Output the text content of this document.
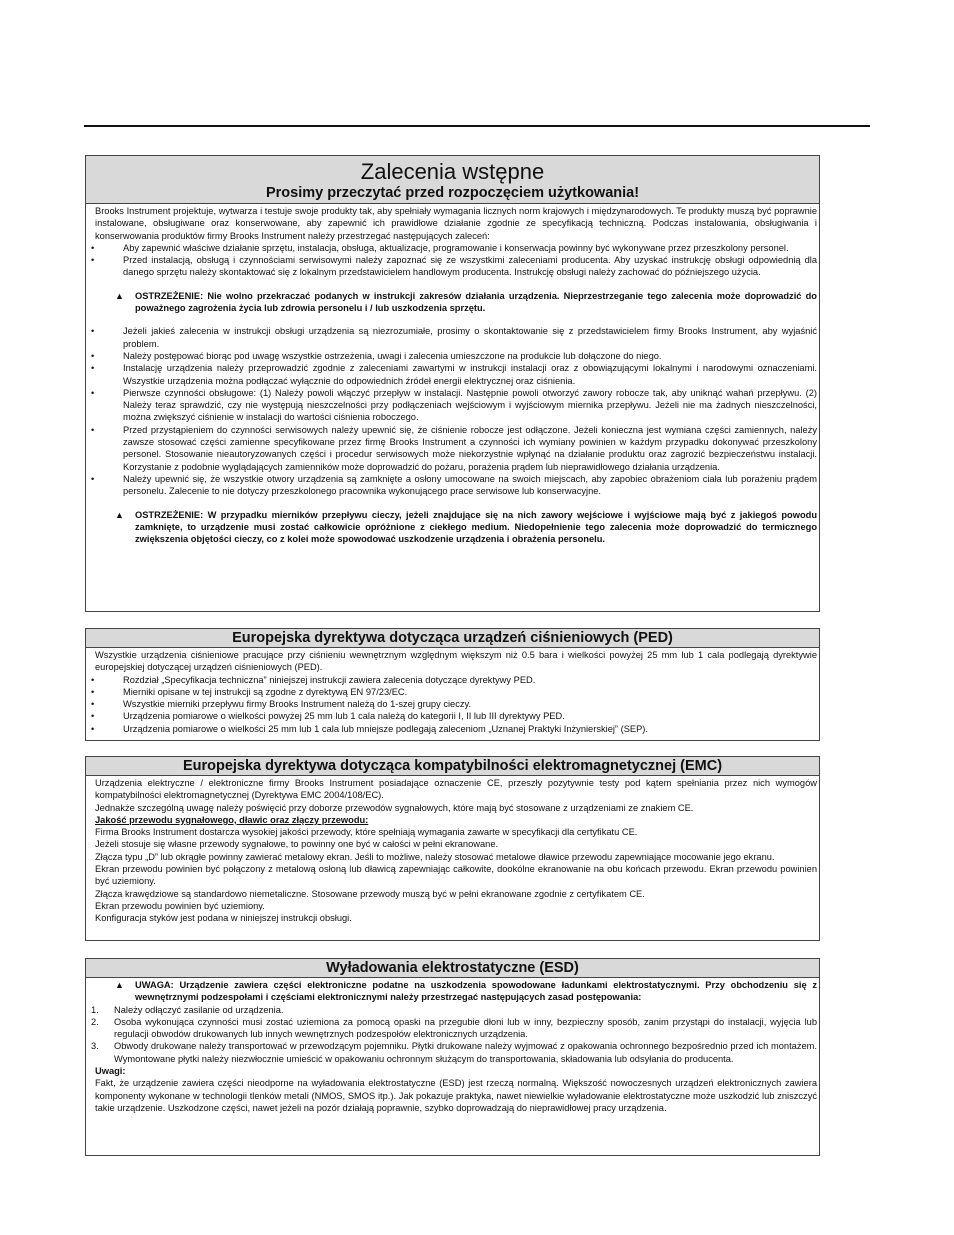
Zalecenia wstępne
Prosimy przeczytać przed rozpoczęciem użytkowania!

Brooks Instrument projektuje, wytwarza i testuje swoje produkty tak, aby spełniały wymagania licznych norm krajowych i międzynarodowych. Te produkty muszą być poprawnie instalowane, obsługiwane oraz konserwowane, aby zapewnić ich prawidłowe działanie zgodnie ze specyfikacją techniczną. Podczas instalowania, obsługiwania i konserwowania produktów firmy Brooks Instrument należy przestrzegać następujących zaleceń:

• Aby zapewnić właściwe działanie sprzętu, instalacja, obsługa, aktualizacje, programowanie i konserwacja powinny być wykonywane przez przeszkolony personel.
• Przed instalacją, obsługą i czynnościami serwisowymi należy zapoznać się ze wszystkimi zaleceniami producenta. Aby uzyskać instrukcję obsługi odpowiednią dla danego sprzętu należy skontaktować się z lokalnym przedstawicielem handlowym producenta. Instrukcję obsługi należy zachować do późniejszego użycia.

▲ OSTRZEŻENIE: Nie wolno przekraczać podanych w instrukcji zakresów działania urządzenia. Nieprzestrzeganie tego zalecenia może doprowadzić do poważnego zagrożenia życia lub zdrowia personelu i / lub uszkodzenia sprzętu.

• Jeżeli jakieś zalecenia w instrukcji obsługi urządzenia są niezrozumiałe, prosimy o skontaktowanie się z przedstawicielem firmy Brooks Instrument, aby wyjaśnić problem.
• Należy postępować biorąc pod uwagę wszystkie ostrzeżenia, uwagi i zalecenia umieszczone na produkcie lub dołączone do niego.
• Instalację urządzenia należy przeprowadzić zgodnie z zaleceniami zawartymi w instrukcji instalacji oraz z obowiązującymi lokalnymi i narodowymi oznaczeniami. Wszystkie urządzenia można podłączać wyłącznie do odpowiednich źródeł energii elektrycznej oraz ciśnienia.
• Pierwsze czynności obsługowe: (1) Należy powoli włączyć przepływ w instalacji. Następnie powoli otworzyć zawory robocze tak, aby uniknąć wahań przepływu. (2) Należy teraz sprawdzić, czy nie występują nieszczelności przy podłączeniach wejściowym i wyjściowym miernika przepływu. Jeżeli nie ma żadnych nieszczelności, można zwiększyć ciśnienie w instalacji do wartości ciśnienia roboczego.
• Przed przystąpieniem do czynności serwisowych należy upewnić się, że ciśnienie robocze jest odłączone. Jeżeli konieczna jest wymiana części zamiennych, należy zawsze stosować części zamienne specyfikowane przez firmę Brooks Instrument a czynności ich wymiany powinien w każdym przypadku dokonywać przeszkolony personel. Stosowanie nieautoryzowanych części i procedur serwisowych może niekorzystnie wpłynąć na działanie produktu oraz zagrozić bezpieczeństwu instalacji. Korzystanie z podobnie wyglądających zamienników może doprowadzić do pożaru, porażenia prądem lub nieprawidłowego działania urządzenia.
• Należy upewnić się, że wszystkie otwory urządzenia są zamknięte a osłony umocowane na swoich miejscach, aby zapobiec obrażeniom ciała lub porażeniu prądem personelu. Zalecenie to nie dotyczy przeszkolonego pracownika wykonującego prace serwisowe lub konserwacyjne.

▲ OSTRZEŻENIE: W przypadku mierników przepływu cieczy, jeżeli znajdujące się na nich zawory wejściowe i wyjściowe mają być z jakiegoś powodu zamknięte, to urządzenie musi zostać całkowicie opróżnione z ciekłego medium. Niedopełnienie tego zalecenia może doprowadzić do termicznego zwiększenia objętości cieczy, co z kolei może spowodować uszkodzenie urządzenia i obrażenia personelu.

Europejska dyrektywa dotycząca urządzeń ciśnieniowych (PED)

Wszystkie urządzenia ciśnieniowe pracujące przy ciśnieniu wewnętrznym względnym większym niż 0.5 bara i wielkości powyżej 25 mm lub 1 cala podlegają dyrektywie europejskiej dotyczącej urządzeń ciśnieniowych (PED).

• Rozdział „Specyfikacja techniczna” niniejszej instrukcji zawiera zalecenia dotyczące dyrektywy PED.
• Mierniki opisane w tej instrukcji są zgodne z dyrektywą EN 97/23/EC.
• Wszystkie mierniki przepływu firmy Brooks Instrument należą do 1-szej grupy cieczy.
• Urządzenia pomiarowe o wielkości powyżej 25 mm lub 1 cala należą do kategorii I, II lub III dyrektywy PED.
• Urządzenia pomiarowe o wielkości 25 mm lub 1 cala lub mniejsze podlegają zaleceniom „Uznanej Praktyki Inżynierskiej” (SEP).
Europejska dyrektywa dotycząca kompatybilności elektromagnetycznej (EMC)

Urządzenia elektryczne / elektroniczne firmy Brooks Instrument posiadające oznaczenie CE, przeszły pozytywnie testy pod kątem spełniania przez nich wymogów kompatybilności elektromagnetycznej (Dyrektywa EMC 2004/108/EC).

Jednakże szczególną uwagę należy poświęcić przy doborze przewodów sygnałowych, które mają być stosowane z urządzeniami ze znakiem CE.

Jakość przewodu sygnałowego, dławic oraz złączy przewodu:

Firma Brooks Instrument dostarcza wysokiej jakości przewody, które spełniają wymagania zawarte w specyfikacji dla certyfikatu CE.

Jeżeli stosuje się własne przewody sygnałowe, to powinny one być w całości w pełni ekranowane.

Złącza typu „D” lub okrągłe powinny zawierać metalowy ekran. Jeśli to możliwe, należy stosować metalowe dławice przewodu zapewniające mocowanie jego ekranu.

Ekran przewodu powinien być połączony z metalową osłoną lub dławicą zapewniając całkowite, dookólne ekranowanie na obu końcach przewodu. Ekran przewodu powinien być uziemiony.

Złącza krawędziowe są standardowo niemetaliczne. Stosowane przewody muszą być w pełni ekranowane zgodnie z certyfikatem CE.

Ekran przewodu powinien być uziemiony.

Konfiguracja styków jest podana w niniejszej instrukcji obsługi.

Wyładowania elektrostatyczne (ESD)

▲ UWAGA: Urządzenie zawiera części elektroniczne podatne na uszkodzenia spowodowane ładunkami elektrostatycznymi. Przy obchodzeniu się z wewnętrznymi podzespołami i częściami elektronicznymi należy przestrzegać następujących zasad postępowania:

1. Należy odłączyć zasilanie od urządzenia.
2. Osoba wykonująca czynności musi zostać uziemiona za pomocą opaski na przegubie dłoni lub w inny, bezpieczny sposób, zanim przystąpi do instalacji, wyjęcia lub regulacji obwodów drukowanych lub innych wewnętrznych podzespołów elektronicznych urządzenia.
3. Obwody drukowane należy transportować w przewodzącym pojemniku. Płytki drukowane należy wyjmować z opakowania ochronnego bezpośrednio przed ich montażem. Wymontowane płytki należy niezwłocznie umieścić w opakowaniu ochronnym służącym do transportowania, składowania lub odsyłania do producenta.

Uwagi:

Fakt, że urządzenie zawiera części nieodporne na wyładowania elektrostatyczne (ESD) jest rzeczą normalną. Większość nowoczesnych urządzeń elektronicznych zawiera komponenty wykonane w technologii tlenków metali (NMOS, SMOS itp.). Jak pokazuje praktyka, nawet niewielkie wyładowanie elektrostatyczne może uszkodzić lub zniszczyć takie urządzenie. Uszkodzone części, nawet jeżeli na pozór działają poprawnie, szybko doprowadzają do nieprawidłowej pracy urządzenia.
